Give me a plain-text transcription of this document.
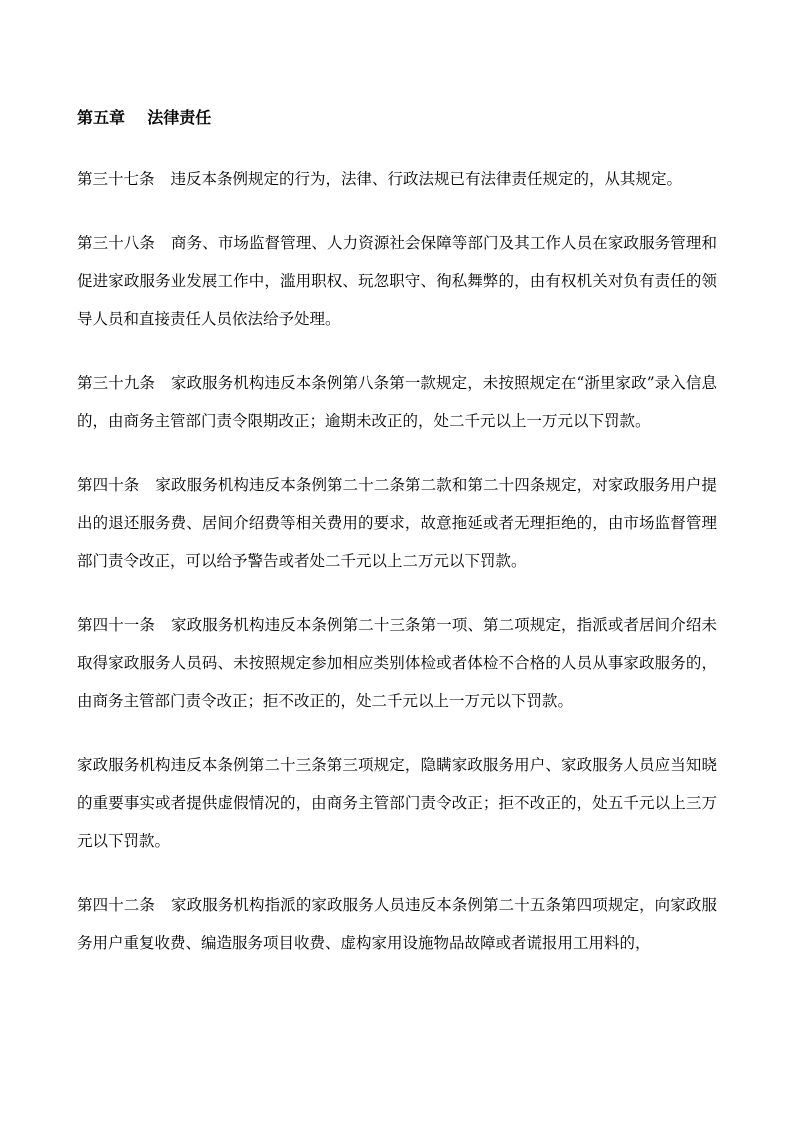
第五章    法律责任

第三十七条 违反本条例规定的行为，法律、行政法规已有法律责任规定的，从其规定。

第三十八条 商务、市场监督管理、人力资源社会保障等部门及其工作人员在家政服务管理和促进家政服务业发展工作中，滥用职权、玩忽职守、徇私舞弊的，由有权机关对负有责任的领导人员和直接责任人员依法给予处理。

第三十九条 家政服务机构违反本条例第八条第一款规定，未按照规定在“浙里家政”录入信息的，由商务主管部门责令限期改正；逾期未改正的，处二千元以上一万元以下罚款。

第四十条 家政服务机构违反本条例第二十二条第二款和第二十四条规定，对家政服务用户提出的退还服务费、居间介绍费等相关费用的要求，故意拖延或者无理拒绝的，由市场监督管理部门责令改正，可以给予警告或者处二千元以上二万元以下罚款。

第四十一条 家政服务机构违反本条例第二十三条第一项、第二项规定，指派或者居间介绍未取得家政服务人员码、未按照规定参加相应类别体检或者体检不合格的人员从事家政服务的，由商务主管部门责令改正；拒不改正的，处二千元以上一万元以下罚款。

家政服务机构违反本条例第二十三条第三项规定，隐瞒家政服务用户、家政服务人员应当知晓的重要事实或者提供虚假情况的，由商务主管部门责令改正；拒不改正的，处五千元以上三万元以下罚款。

第四十二条 家政服务机构指派的家政服务人员违反本条例第二十五条第四项规定，向家政服务用户重复收费、编造服务项目收费、虚构家用设施物品故障或者谎报用工用料的，
